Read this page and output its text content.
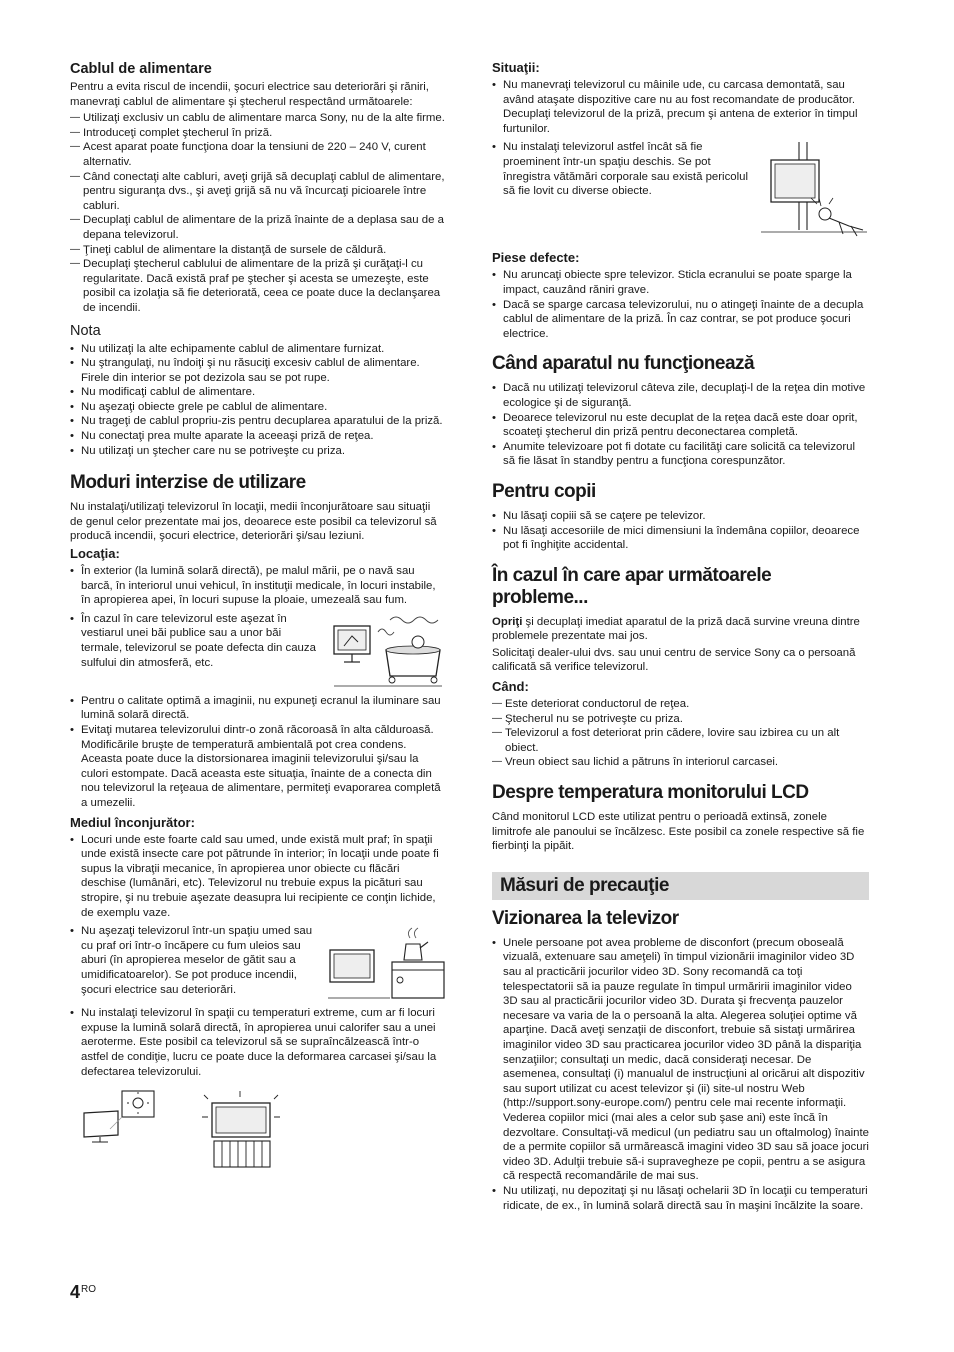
Cablul de alimentare

Pentru a evita riscul de incendii, şocuri electrice sau deteriorări şi răniri, manevraţi cablul de alimentare şi ştecherul respectând următoarele:

— Utilizaţi exclusiv un cablu de alimentare marca Sony, nu de la alte firme.
— Introduceţi complet ştecherul în priză.
— Acest aparat poate funcţiona doar la tensiuni de 220 – 240 V, curent alternativ.
— Când conectaţi alte cabluri, aveţi grijă să decuplaţi cablul de alimentare, pentru siguranţa dvs., şi aveţi grijă să nu vă încurcaţi picioarele între cabluri.
— Decuplaţi cablul de alimentare de la priză înainte de a deplasa sau de a depana televizorul.
— Ţineţi cablul de alimentare la distanţă de sursele de căldură.
— Decuplaţi ştecherul cablului de alimentare de la priză şi curăţaţi-l cu regularitate. Dacă există praf pe ştecher şi acesta se umezeşte, este posibil ca izolaţia să fie deteriorată, ceea ce poate duce la declanşarea de incendii.
Nota
• Nu utilizaţi la alte echipamente cablul de alimentare furnizat.
• Nu ştrangulaţi, nu îndoiţi şi nu răsuciţi excesiv cablul de alimentare. Firele din interior se pot dezizola sau se pot rupe.
• Nu modificaţi cablul de alimentare.
• Nu aşezaţi obiecte grele pe cablul de alimentare.
• Nu trageţi de cablul propriu-zis pentru decuplarea aparatului de la priză.
• Nu conectaţi prea multe aparate la aceeaşi priză de reţea.
• Nu utilizaţi un ştecher care nu se potriveşte cu priza.
Moduri interzise de utilizare

Nu instalaţi/utilizaţi televizorul în locaţii, medii înconjurătoare sau situaţii de genul celor prezentate mai jos, deoarece este posibil ca televizorul să producă incendii, şocuri electrice, deteriorări şi/sau leziuni.

Locaţia:
• În exterior (la lumină solară directă), pe malul mării, pe o navă sau barcă, în interiorul unui vehicul, în instituţii medicale, în locuri instabile, în apropierea apei, în locuri supuse la ploaie, umezeală sau fum.
• În cazul în care televizorul este aşezat în vestiarul unei băi publice sau a unor băi termale, televizorul se poate defecta din cauza sulfului din atmosferă, etc.
• Pentru o calitate optimă a imaginii, nu expuneţi ecranul la iluminare sau lumină solară directă.
• Evitaţi mutarea televizorului dintr-o zonă răcoroasă în alta călduroasă. Modificările bruşte de temperatură ambientală pot crea condens. Aceasta poate duce la distorsionarea imaginii televizorului şi/sau la culori estompate. Dacă aceasta este situaţia, înainte de a conecta din nou televizorul la reţeaua de alimentare, permiteţi evaporarea completă a umezelii.
Mediul înconjurător:
• Locuri unde este foarte cald sau umed, unde există mult praf; în spaţii unde există insecte care pot pătrunde în interior; în locaţii unde poate fi supus la vibraţii mecanice, în apropierea unor obiecte cu flăcări deschise (lumânări, etc). Televizorul nu trebuie expus la picături sau stropire, şi nu trebuie aşezate deasupra lui recipiente ce conţin lichide, de exemplu vaze.
• Nu aşezaţi televizorul într-un spaţiu umed sau cu praf ori într-o încăpere cu fum uleios sau aburi (în apropierea meselor de gătit sau a umidificatoarelor). Se pot produce incendii, şocuri electrice sau deteriorări.
• Nu instalaţi televizorul în spaţii cu temperaturi extreme, cum ar fi locuri expuse la lumină solară directă, în apropierea unui calorifer sau a unei aeroterme. Este posibil ca televizorul să se supraîncălzească într-o astfel de condiţie, lucru ce poate duce la deformarea carcasei şi/sau la defectarea televizorului.
Situaţii:
• Nu manevraţi televizorul cu mâinile ude, cu carcasa demontată, sau având ataşate dispozitive care nu au fost recomandate de producător. Decuplaţi televizorul de la priză, precum şi antena de exterior în timpul furtunilor.
• Nu instalaţi televizorul astfel încât să fie proeminent într-un spaţiu deschis. Se pot înregistra vătămări corporale sau există pericolul să fie lovit cu diverse obiecte.
Piese defecte:
• Nu aruncaţi obiecte spre televizor. Sticla ecranului se poate sparge la impact, cauzând răniri grave.
• Dacă se sparge carcasa televizorului, nu o atingeţi înainte de a decupla cablul de alimentare de la priză. În caz contrar, se pot produce şocuri electrice.
Când aparatul nu funcţionează
• Dacă nu utilizaţi televizorul câteva zile, decuplaţi-l de la reţea din motive ecologice şi de siguranţă.
• Deoarece televizorul nu este decuplat de la reţea dacă este doar oprit, scoateţi ştecherul din priză pentru deconectarea completă.
• Anumite televizoare pot fi dotate cu facilităţi care solicită ca televizorul să fie lăsat în standby pentru a funcţiona corespunzător.
Pentru copii
• Nu lăsaţi copiii să se caţere pe televizor.
• Nu lăsaţi accesoriile de mici dimensiuni la îndemâna copiilor, deoarece pot fi înghiţite accidental.
În cazul în care apar următoarele probleme...

Opriţi şi decuplaţi imediat aparatul de la priză dacă survine vreuna dintre problemele prezentate mai jos.

Solicitaţi dealer-ului dvs. sau unui centru de service Sony ca o persoană calificată să verifice televizorul.

Când:
— Este deteriorat conductorul de reţea.
— Ştecherul nu se potriveşte cu priza.
— Televizorul a fost deteriorat prin cădere, lovire sau izbirea cu un alt obiect.
— Vreun obiect sau lichid a pătruns în interiorul carcasei.
Despre temperatura monitorului LCD

Când monitorul LCD este utilizat pentru o perioadă extinsă, zonele limitrofe ale panoului se încălzesc. Este posibil ca zonele respective să fie fierbinţi la pipăit.

Măsuri de precauţie
Vizionarea la televizor
• Unele persoane pot avea probleme de disconfort (precum oboseală vizuală, extenuare sau ameţeli) în timpul vizionării imaginilor video 3D sau al practicării jocurilor video 3D. Sony recomandă ca toţi telespectatorii să ia pauze regulate în timpul urmăririi imaginilor video 3D sau al practicării jocurilor video 3D. Durata şi frecvenţa pauzelor necesare va varia de la o persoană la alta. Alegerea soluţiei optime vă aparţine. Dacă aveţi senzaţii de disconfort, trebuie să sistaţi urmărirea imaginilor video 3D sau practicarea jocurilor video 3D până la dispariţia senzaţiilor; consultaţi un medic, dacă consideraţi necesar. De asemenea, consultaţi (i) manualul de instrucţiuni al oricărui alt dispozitiv sau suport utilizat cu acest televizor şi (ii) site-ul nostru Web (http://support.sony-europe.com/) pentru cele mai recente informaţii. Vederea copiilor mici (mai ales a celor sub şase ani) este încă în dezvoltare. Consultaţi-vă medicul (un pediatru sau un oftalmolog) înainte de a permite copiilor să urmărească imagini video 3D sau să joace jocuri video 3D. Adulţii trebuie să-i supravegheze pe copii, pentru a se asigura că respectă recomandările de mai sus.
• Nu utilizaţi, nu depozitaţi şi nu lăsaţi ochelarii 3D în locaţii cu temperaturi ridicate, de ex., în lumină solară directă sau în maşini încălzite la soare.
$4^{RO}$
